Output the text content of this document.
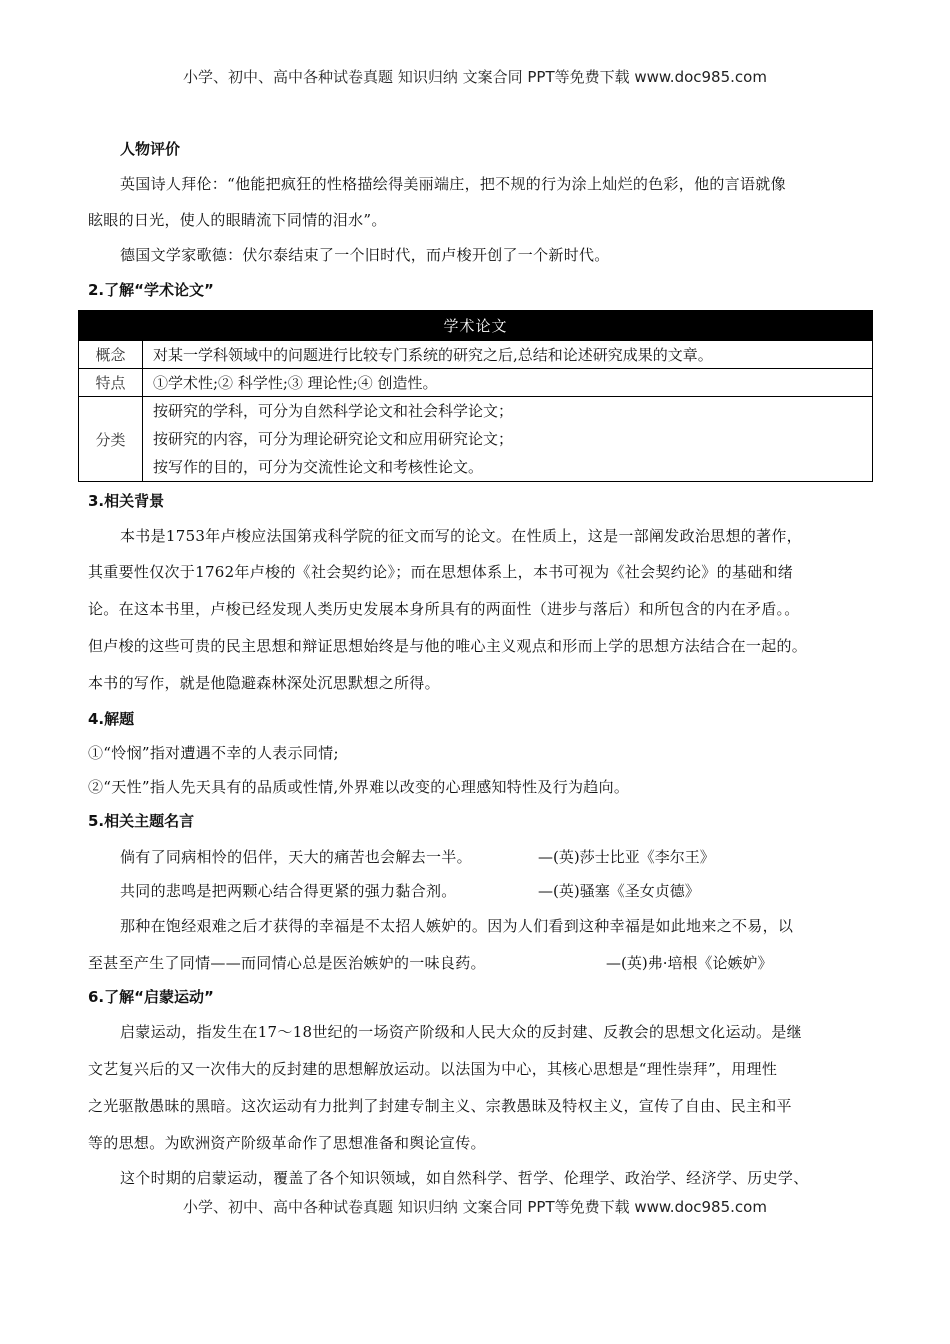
小学、初中、高中各种试卷真题 知识归纳 文案合同 PPT等免费下载 www.doc985.com
人物评价
英国诗人拜伦：“他能把疯狂的性格描绘得美丽端庄，把不规的行为涂上灿烂的色彩，他的言语就像
眩眼的日光，使人的眼睛流下同情的泪水”。
德国文学家歌德：伏尔泰结束了一个旧时代，而卢梭开创了一个新时代。
2.了解“学术论文”
学术论文	
概念	对某一学科领域中的问题进行比较专门系统的研究之后,总结和论述研究成果的文章。
特点	①学术性;② 科学性;③ 理论性;④ 创造性。
分类	按研究的学科，可分为自然科学论文和社会科学论文；
按研究的内容，可分为理论研究论文和应用研究论文；
按写作的目的，可分为交流性论文和考核性论文。
3.相关背景
本书是1753年卢梭应法国第戎科学院的征文而写的论文。在性质上，这是一部阐发政治思想的著作，
其重要性仅次于1762年卢梭的《社会契约论》；而在思想体系上，本书可视为《社会契约论》的基础和绪
论。在这本书里，卢梭已经发现人类历史发展本身所具有的两面性（进步与落后）和所包含的内在矛盾。。
但卢梭的这些可贵的民主思想和辩证思想始终是与他的唯心主义观点和形而上学的思想方法结合在一起的。
本书的写作，就是他隐避森林深处沉思默想之所得。
4.解题
①“怜悯”指对遭遇不幸的人表示同情;
②“天性”指人先天具有的品质或性情,外界难以改变的心理感知特性及行为趋向。
5.相关主题名言
倘有了同病相怜的侣伴，天大的痛苦也会解去一半。	—(英)莎士比亚《李尔王》
共同的悲鸣是把两颗心结合得更紧的强力黏合剂。	—(英)骚塞《圣女贞德》
那种在饱经艰难之后才获得的幸福是不太招人嫉妒的。因为人们看到这种幸福是如此地来之不易，以
至甚至产生了同情——而同情心总是医治嫉妒的一味良药。	—(英)弗·培根《论嫉妒》
6.了解“启蒙运动”
启蒙运动，指发生在17～18世纪的一场资产阶级和人民大众的反封建、反教会的思想文化运动。是继
文艺复兴后的又一次伟大的反封建的思想解放运动。以法国为中心，其核心思想是“理性崇拜”，用理性
之光驱散愚昧的黑暗。这次运动有力批判了封建专制主义、宗教愚昧及特权主义，宣传了自由、民主和平
等的思想。为欧洲资产阶级革命作了思想准备和舆论宣传。
这个时期的启蒙运动，覆盖了各个知识领域，如自然科学、哲学、伦理学、政治学、经济学、历史学、
小学、初中、高中各种试卷真题 知识归纳 文案合同 PPT等免费下载 www.doc985.com
